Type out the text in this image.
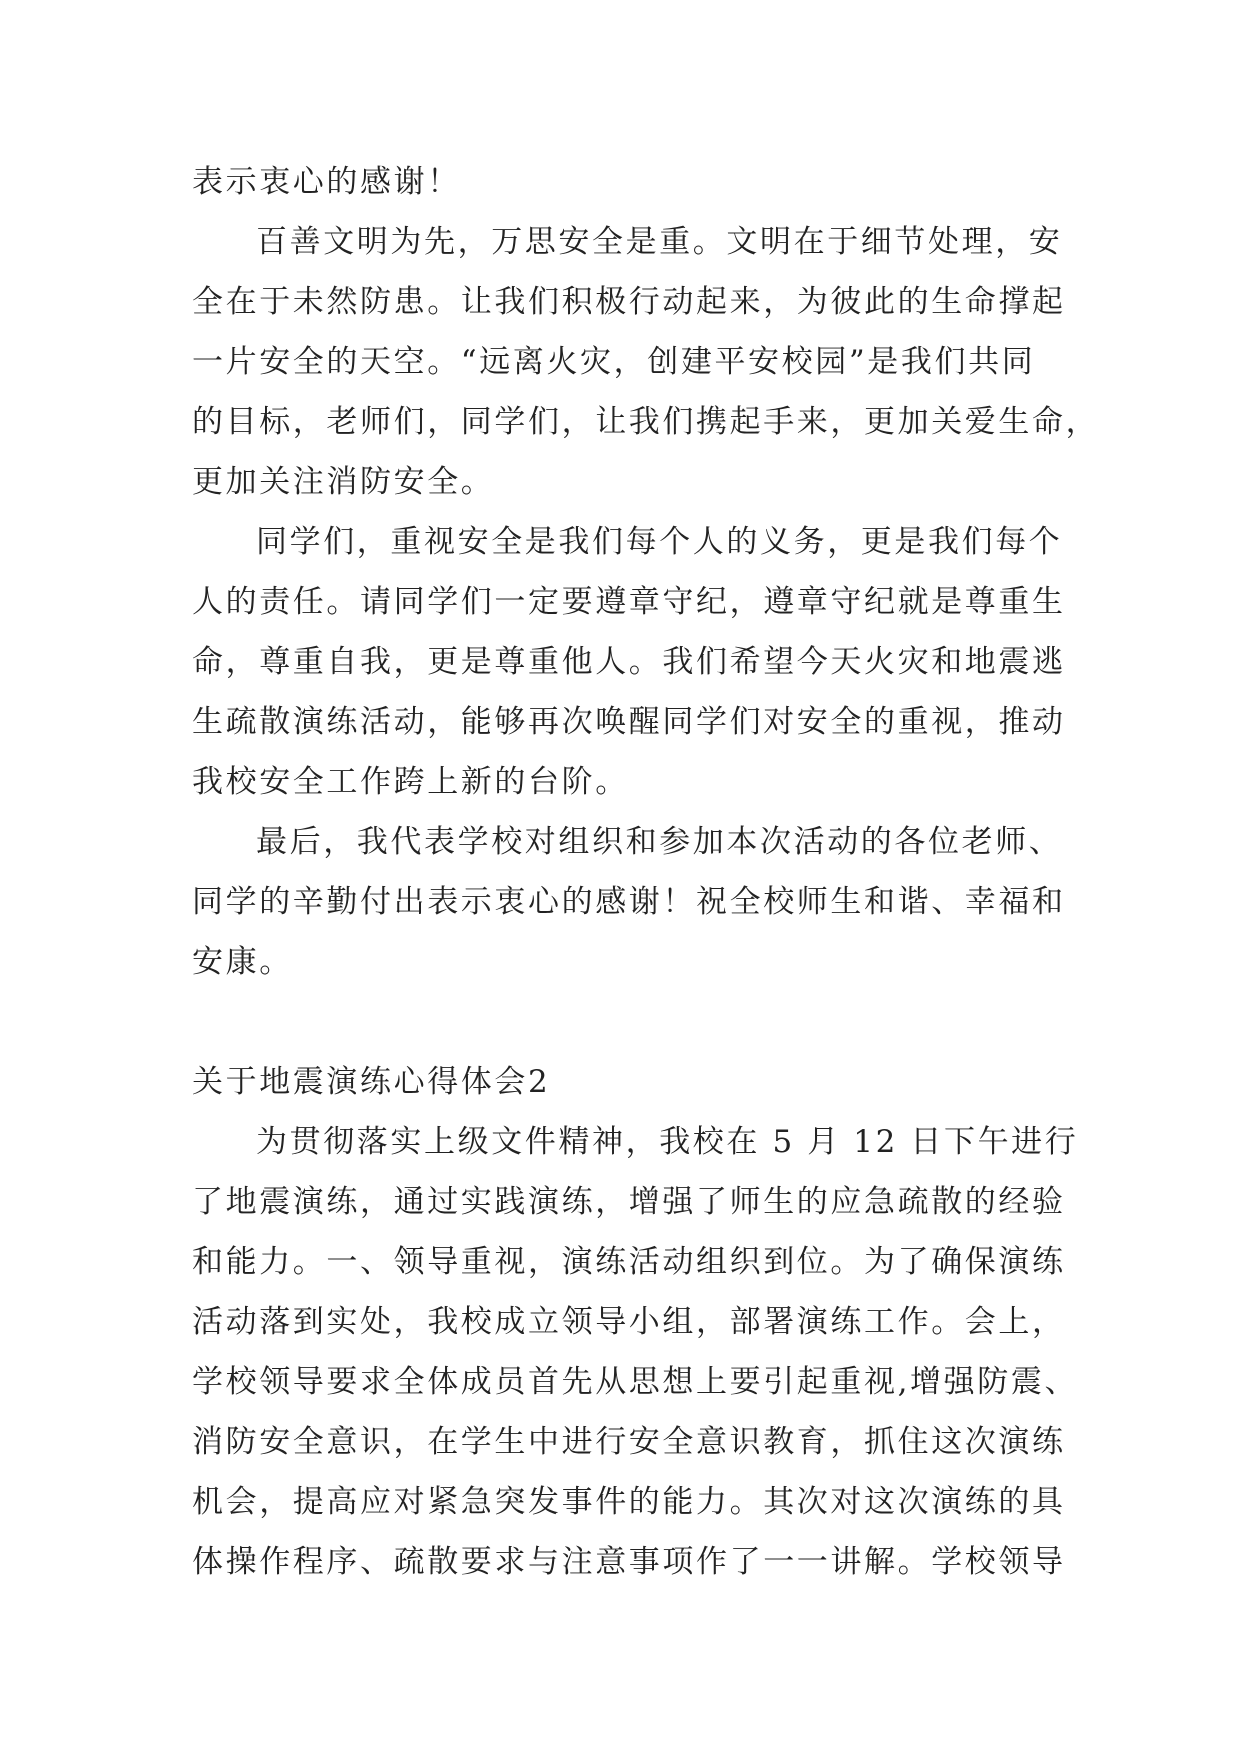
表示衷心的感谢！
百善文明为先，万思安全是重。文明在于细节处理，安
全在于未然防患。让我们积极行动起来，为彼此的生命撑起
一片安全的天空。“远离火灾，创建平安校园”是我们共同
的目标，老师们，同学们，让我们携起手来，更加关爱生命，
更加关注消防安全。
同学们，重视安全是我们每个人的义务，更是我们每个
人的责任。请同学们一定要遵章守纪，遵章守纪就是尊重生
命，尊重自我，更是尊重他人。我们希望今天火灾和地震逃
生疏散演练活动，能够再次唤醒同学们对安全的重视，推动
我校安全工作跨上新的台阶。
最后，我代表学校对组织和参加本次活动的各位老师、
同学的辛勤付出表示衷心的感谢！祝全校师生和谐、幸福和
安康。
关于地震演练心得体会2
为贯彻落实上级文件精神，我校在 5 月 12 日下午进行
了地震演练，通过实践演练，增强了师生的应急疏散的经验
和能力。一、领导重视，演练活动组织到位。为了确保演练
活动落到实处，我校成立领导小组，部署演练工作。会上，
学校领导要求全体成员首先从思想上要引起重视,增强防震、
消防安全意识，在学生中进行安全意识教育，抓住这次演练
机会，提高应对紧急突发事件的能力。其次对这次演练的具
体操作程序、疏散要求与注意事项作了一一讲解。学校领导
